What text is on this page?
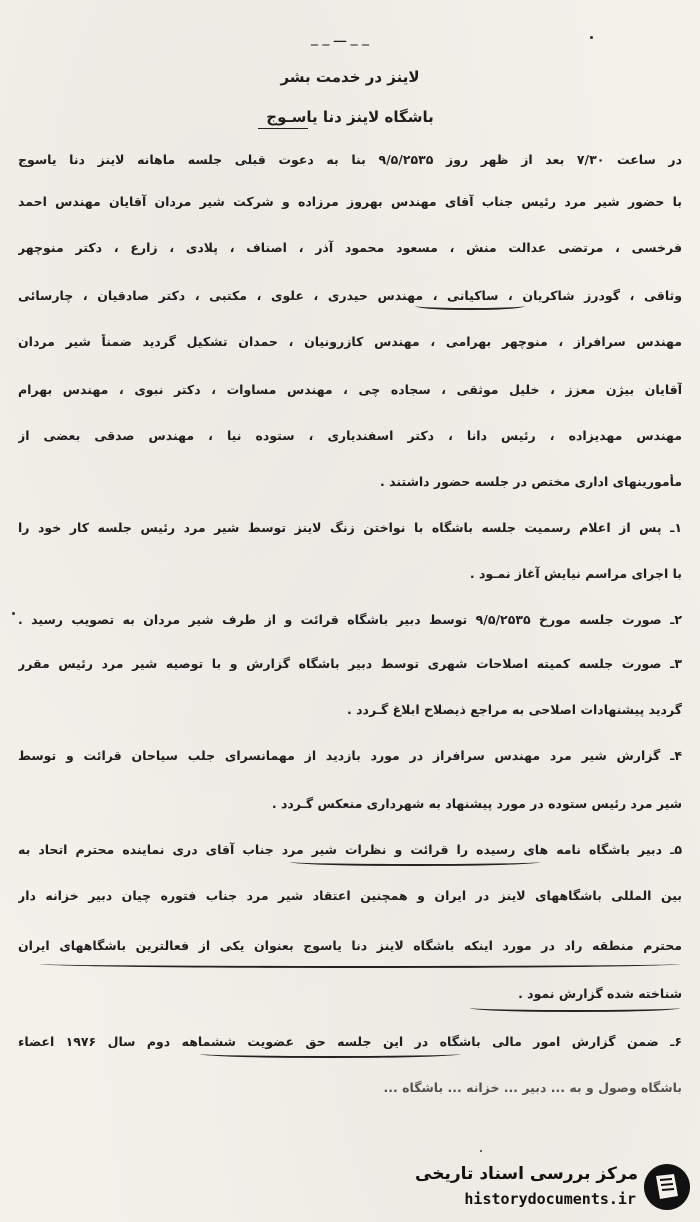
_ _ ـــ _ _
لاینز در خدمت بشر
باشگاه لاینز دنا یاسـوج
در ساعت ۷/۳۰ بعد از ظهر روز ۹/۵/۲۵۳۵ بنا به دعوت قبلی جلسه ماهانه لاینز دنا یاسوج
با حضور شیر مرد رئیس جناب آقای مهندس بهروز مرزاده و شرکت شیر مردان آقایان مهندس احمد
فرخسی ، مرتضی عدالت منش ، مسعود محمود آذر ، اصناف ، پلادی ، زارع ، دکتر منوچهر
وثاقی ، گودرز شاکریان ، ساکیانی ، مهندس حیدری ، علوی ، مکتبی ، دکتر صادقیان ، چارسائی
مهندس سرافراز ، منوچهر بهرامی ، مهندس کازرونیان ، حمدان تشکیل گردید ضمناً شیر مردان
آقایان بیژن معزز ، خلیل موثقی ، سجاده چی ، مهندس مساوات ، دکتر نبوی ، مهندس بهرام
مهندس مهدیزاده ، رئیس دانا ، دکتر اسفندیاری ، ستوده نیا ، مهندس صدقی بعضی از
مأمورینهای اداری مختص در جلسه حضور داشتند .
۱ـ پس از اعلام رسمیت جلسه باشگاه با نواختن زنگ لاینز توسط شیر مرد رئیس جلسه کار خود را
با اجرای مراسم نیایش آغاز نمـود .
۲ـ صورت جلسه مورخ ۹/۵/۲۵۳۵ توسط دبیر باشگاه قرائت و از طرف شیر مردان به تصویب رسید .
۳ـ صورت جلسه کمیته اصلاحات شهری توسط دبیر باشگاه گزارش و با توصیه شیر مرد رئیس مقرر
گردید پیشنهادات اصلاحی به مراجع ذیصلاح ابلاغ گـردد .
۴ـ گزارش شیر مرد مهندس سرافراز در مورد بازدید از مهمانسرای جلب سیاحان قرائت و توسط
شیر مرد رئیس ستوده در مورد پیشنهاد به شهرداری منعکس گـردد .
۵ـ دبیر باشگاه نامه های رسیده را قرائت و نظرات شیر مرد جناب آقای دری نماینده محترم اتحاد به
بین المللی باشگاههای لاینز در ایران و همچنین اعتقاد شیر مرد جناب فتوره چیان دبیر خزانه دار
محترم منطقه راد در مورد اینکه باشگاه لاینز دنا یاسوج بعنوان یکی از فعالترین باشگاههای ایران
شناخته شده گزارش نمود .
۶ـ ضمن گزارش امور مالی باشگاه در این جلسه حق عضویت ششماهه دوم سال ۱۹۷۶ اعضاء
باشگاه وصول و به ... دبیر ... خزانه ... باشگاه ...
مرکز بررسی اسناد تاریخی
historydocuments.ir
